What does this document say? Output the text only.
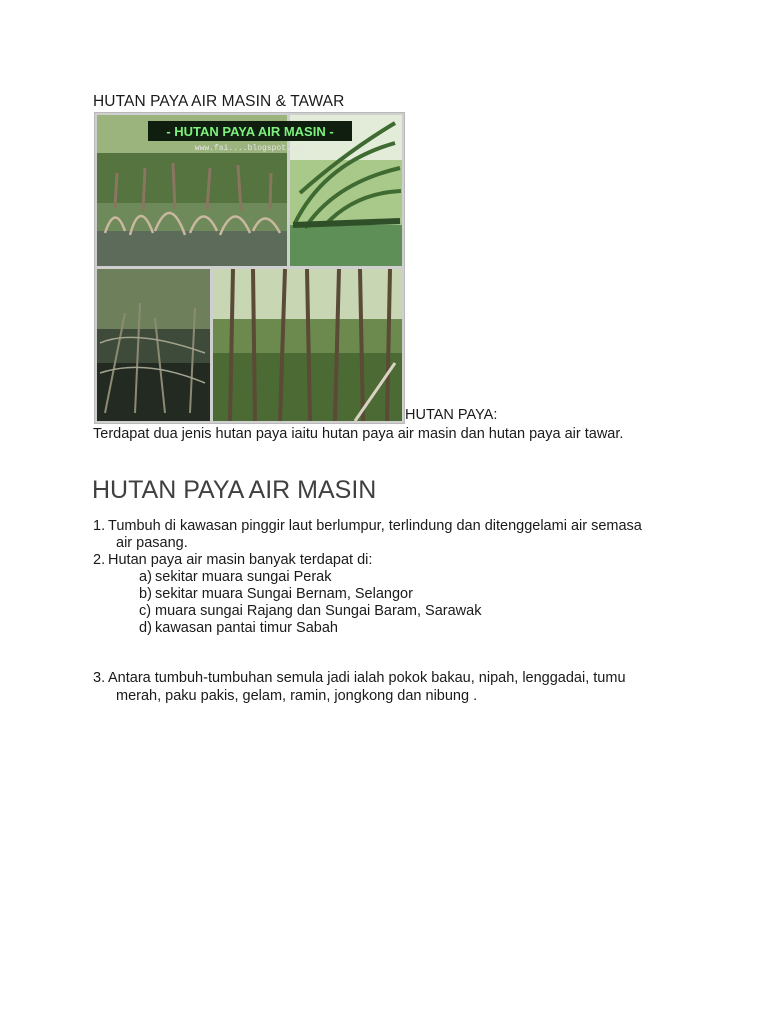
HUTAN PAYA AIR MASIN & TAWAR
- HUTAN PAYA AIR MASIN -
www.fai....blogspot.com
HUTAN PAYA:
Terdapat dua jenis hutan paya iaitu hutan paya air masin dan hutan paya air tawar.
HUTAN PAYA AIR MASIN
1. Tumbuh di kawasan pinggir laut berlumpur, terlindung dan ditenggelami air semasa
air pasang.
2. Hutan paya air masin banyak terdapat di:
a) sekitar muara sungai Perak
b) sekitar muara Sungai Bernam, Selangor
c) muara sungai Rajang dan Sungai Baram, Sarawak
d) kawasan pantai timur Sabah
3. Antara tumbuh-tumbuhan semula jadi ialah pokok bakau, nipah, lenggadai, tumu
merah, paku pakis, gelam, ramin, jongkong dan nibung .
